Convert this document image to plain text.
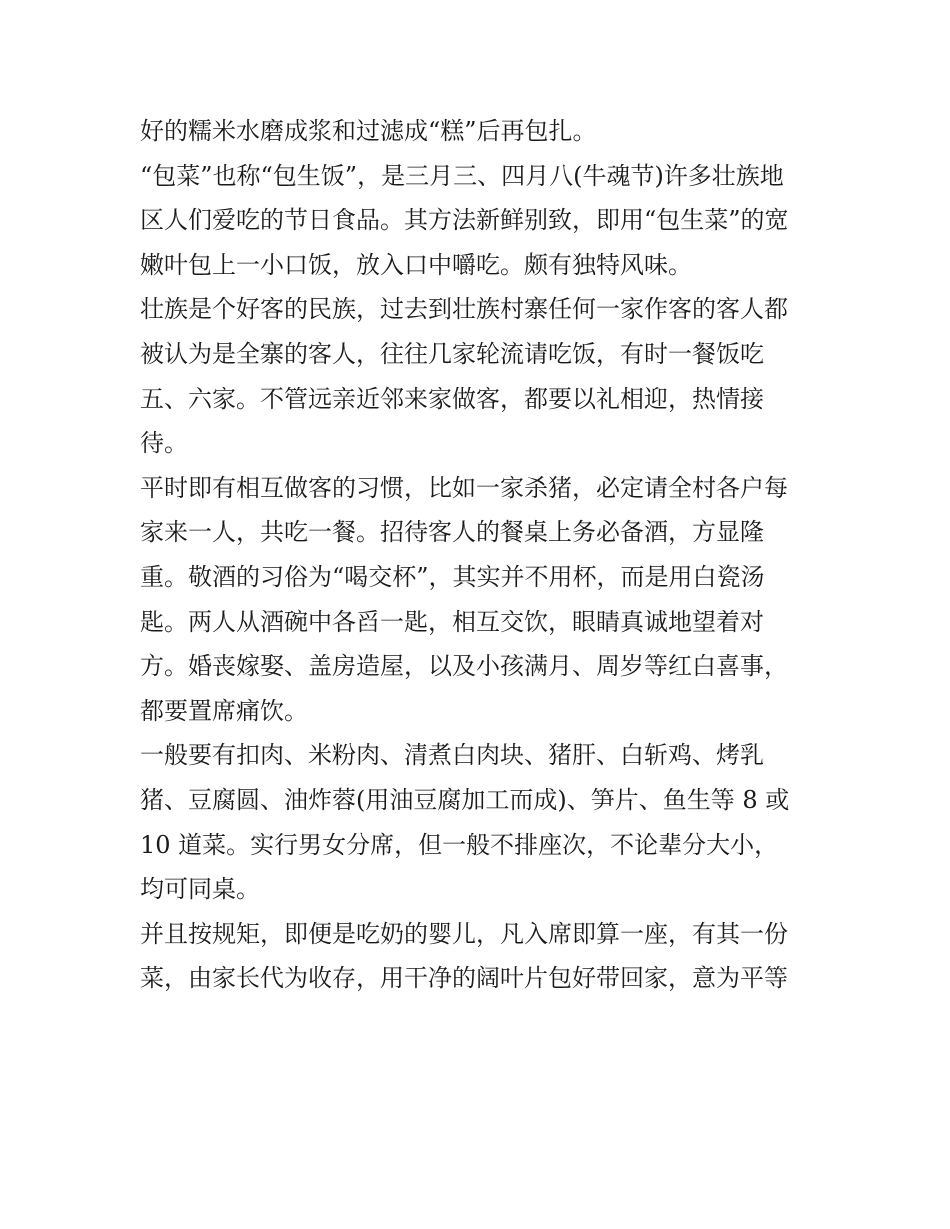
好的糯米水磨成浆和过滤成“糕”后再包扎。
“包菜”也称“包生饭”，是三月三、四月八(牛魂节)许多壮族地
区人们爱吃的节日食品。其方法新鲜别致，即用“包生菜”的宽
嫩叶包上一小口饭，放入口中嚼吃。颇有独特风味。
壮族是个好客的民族，过去到壮族村寨任何一家作客的客人都
被认为是全寨的客人，往往几家轮流请吃饭，有时一餐饭吃
五、六家。不管远亲近邻来家做客，都要以礼相迎，热情接
待。
平时即有相互做客的习惯，比如一家杀猪，必定请全村各户每
家来一人，共吃一餐。招待客人的餐桌上务必备酒，方显隆
重。敬酒的习俗为“喝交杯”，其实并不用杯，而是用白瓷汤
匙。两人从酒碗中各舀一匙，相互交饮，眼睛真诚地望着对
方。婚丧嫁娶、盖房造屋，以及小孩满月、周岁等红白喜事，
都要置席痛饮。
一般要有扣肉、米粉肉、清煮白肉块、猪肝、白斩鸡、烤乳
猪、豆腐圆、油炸蓉(用油豆腐加工而成)、笋片、鱼生等 8 或
10 道菜。实行男女分席，但一般不排座次，不论辈分大小，
均可同桌。
并且按规矩，即便是吃奶的婴儿，凡入席即算一座，有其一份
菜，由家长代为收存，用干净的阔叶片包好带回家，意为平等
